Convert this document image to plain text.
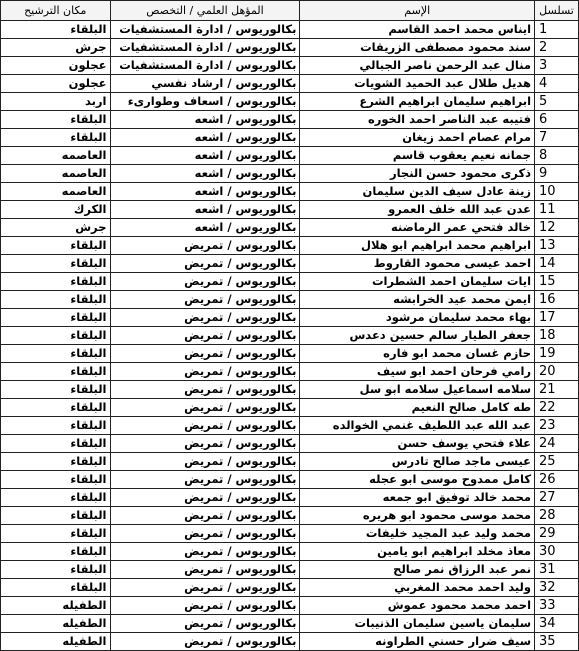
تسلسل	الإسم	المؤهل العلمي / التخصص	مكان الترشيح
1	ايناس محمد احمد القاسم	بكالوريوس / ادارة المستشفيات	البلقاء
2	سند محمود مصطفى الزريقات	بكالوريوس / ادارة المستشفيات	جرش
3	منال عبد الرحمن ناصر الجبالي	بكالوريوس / ادارة المستشفيات	عجلون
4	هديل طلال عبد الحميد الشويات	بكالوريوس / ارشاد نفسي	عجلون
5	ابراهيم سليمان ابراهيم الشرع	بكالوريوس / اسعاف وطوارىء	اربد
6	فتيبه عبد الناصر احمد الخوره	بكالوريوس / اشعه	البلقاء
7	مرام عصام احمد زيغان	بكالوريوس / اشعه	البلقاء
8	جمانه نعيم يعقوب قاسم	بكالوريوس / اشعه	العاصمه
9	ذكرى محمود حسن النجار	بكالوريوس / اشعه	العاصمه
10	زينة عادل سيف الدين سليمان	بكالوريوس / اشعه	العاصمه
11	عدن عبد الله خلف العمرو	بكالوريوس / اشعه	الكرك
12	خالد فتحي عمر الرماضنه	بكالوريوس / اشعه	جرش
13	ابراهيم محمد ابراهيم ابو هلال	بكالوريوس / تمريض	البلقاء
14	احمد عيسى محمود القاروط	بكالوريوس / تمريض	البلقاء
15	ايات سليمان احمد الشطرات	بكالوريوس / تمريض	البلقاء
16	ايمن محمد عيد الخرابشه	بكالوريوس / تمريض	البلقاء
17	بهاء محمد سليمان مرشود	بكالوريوس / تمريض	البلقاء
18	جعفر الطيار سالم حسين دعدس	بكالوريوس / تمريض	البلقاء
19	حازم غسان محمد ابو فاره	بكالوريوس / تمريض	البلقاء
20	رامي فرحان احمد ابو سيف	بكالوريوس / تمريض	البلقاء
21	سلامه اسماعيل سلامه ابو سل	بكالوريوس / تمريض	البلقاء
22	طه كامل صالح النعيم	بكالوريوس / تمريض	البلقاء
23	عبد الله عبد اللطيف غنمي الخوالده	بكالوريوس / تمريض	البلقاء
24	علاء فتحي يوسف حسن	بكالوريوس / تمريض	البلقاء
25	عيسى ماجد صالح تادرس	بكالوريوس / تمريض	البلقاء
26	كامل ممدوح موسى ابو عجله	بكالوريوس / تمريض	البلقاء
27	محمد خالد توفيق ابو جمعه	بكالوريوس / تمريض	البلقاء
28	محمد موسى محمود ابو هريره	بكالوريوس / تمريض	البلقاء
29	محمد وليد عبد المجيد خليفات	بكالوريوس / تمريض	البلقاء
30	معاذ مخلد ابراهيم ابو يامين	بكالوريوس / تمريض	البلقاء
31	نمر عبد الرزاق نمر صالح	بكالوريوس / تمريض	البلقاء
32	وليد احمد محمد المغربي	بكالوريوس / تمريض	البلقاء
33	احمد محمد محمود عموش	بكالوريوس / تمريض	الطفيله
34	سليمان ياسين سليمان الذنيبات	بكالوريوس / تمريض	الطفيله
35	سيف ضرار حسني الطراونه	بكالوريوس / تمريض	الطفيله
